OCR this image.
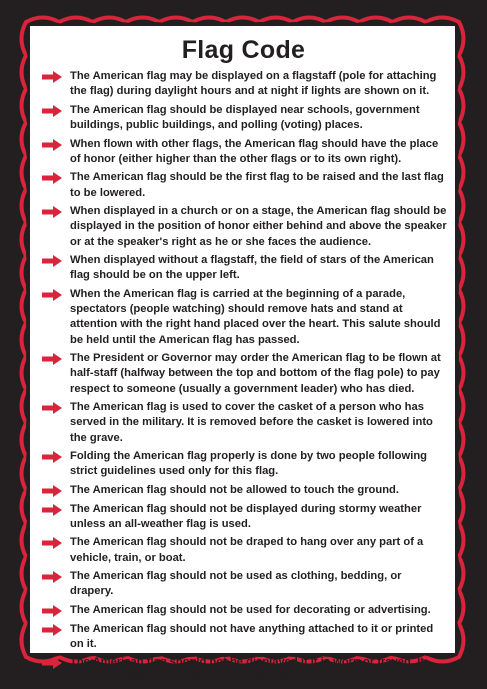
Flag Code
The American flag may be displayed on a flagstaff (pole for attaching the flag) during daylight hours and at night if lights are shown on it.
The American flag should be displayed near schools, government buildings, public buildings, and polling (voting) places.
When flown with other flags, the American flag should have the place of honor (either higher than the other flags or to its own right).
The American flag should be the first flag to be raised and the last flag to be lowered.
When displayed in a church or on a stage, the American flag should be displayed in the position of honor either behind and above the speaker or at the speaker's right as he or she faces the audience.
When displayed without a flagstaff, the field of stars of the American flag should be on the upper left.
When the American flag is carried at the beginning of a parade, spectators (people watching) should remove hats and stand at attention with the right hand placed over the heart. This salute should be held until the American flag has passed.
The President or Governor may order the American flag to be flown at half-staff (halfway between the top and bottom of the flag pole) to pay respect to someone (usually a government leader) who has died.
The American flag is used to cover the casket of a person who has served in the military. It is removed before the casket is lowered into the grave.
Folding the American flag properly is done by two people following strict guidelines used only for this flag.
The American flag should not be allowed to touch the ground.
The American flag should not be displayed during stormy weather unless an all-weather flag is used.
The American flag should not be draped to hang over any part of a vehicle, train, or boat.
The American flag should not be used as clothing, bedding, or drapery.
The American flag should not be used for decorating or advertising.
The American flag should not have anything attached to it or printed on it.
The American flag should not be displayed if it is worn or frayed. It should be disposed of in a respectful manner.
